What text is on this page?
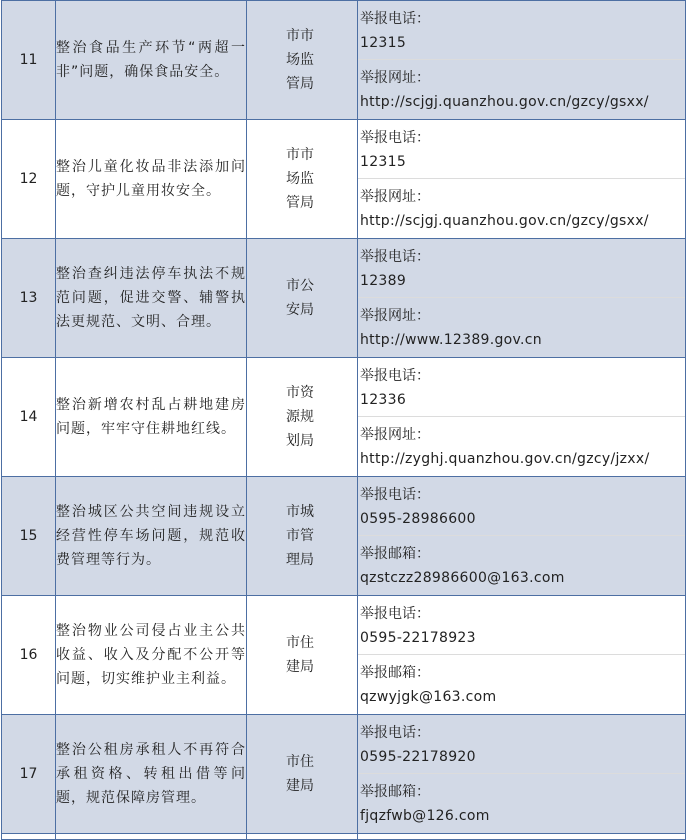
11	整治食品生产环节“两超一非”问题，确保食品安全。	市市场监管局	举报电话：
12315
举报网址：
http://scjgj.quanzhou.gov.cn/gzcy/gsxx/

12	整治儿童化妆品非法添加问题，守护儿童用妆安全。	市市场监管局	举报电话：
12315
举报网址：
http://scjgj.quanzhou.gov.cn/gzcy/gsxx/

13	整治查纠违法停车执法不规范问题，促进交警、辅警执法更规范、文明、合理。	市公安局	举报电话：
12389
举报网址：
http://www.12389.gov.cn

14	整治新增农村乱占耕地建房问题，牢牢守住耕地红线。	市资源规划局	举报电话：
12336
举报网址：
http://zyghj.quanzhou.gov.cn/gzcy/jzxx/

15	整治城区公共空间违规设立经营性停车场问题，规范收费管理等行为。	市城市管理局	举报电话：
0595-28986600
举报邮箱：
qzstczz28986600@163.com

16	整治物业公司侵占业主公共收益、收入及分配不公开等问题，切实维护业主利益。	市住建局	举报电话：
0595-22178923
举报邮箱：
qzwyjgk@163.com

17	整治公租房承租人不再符合承租资格、转租出借等问题，规范保障房管理。	市住建局	举报电话：
0595-22178920
举报邮箱：
fjqzfwb@126.com
